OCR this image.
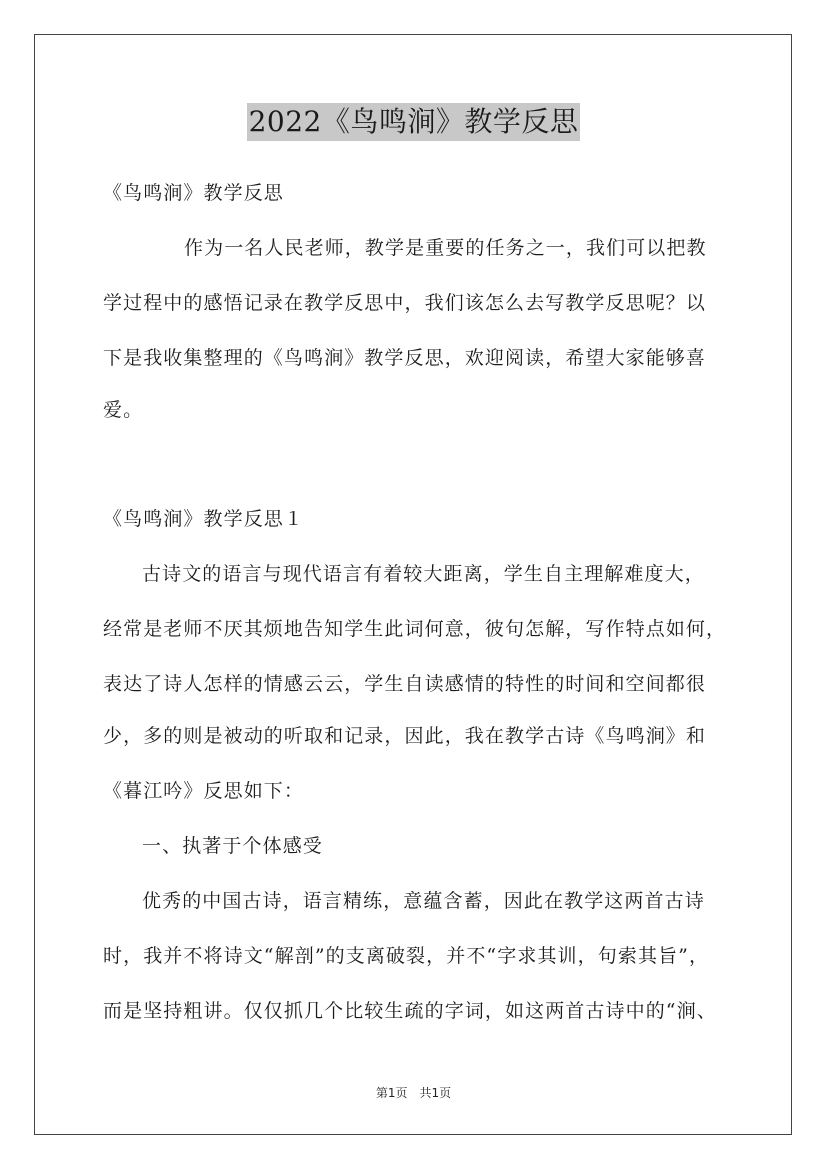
2022《鸟鸣涧》教学反思
《鸟鸣涧》教学反思
作为一名人民老师，教学是重要的任务之一，我们可以把教
学过程中的感悟记录在教学反思中，我们该怎么去写教学反思呢？以
下是我收集整理的《鸟鸣涧》教学反思，欢迎阅读，希望大家能够喜
爱。
《鸟鸣涧》教学反思１
古诗文的语言与现代语言有着较大距离，学生自主理解难度大，
经常是老师不厌其烦地告知学生此词何意，彼句怎解，写作特点如何，
表达了诗人怎样的情感云云，学生自读感情的特性的时间和空间都很
少，多的则是被动的听取和记录，因此，我在教学古诗《鸟鸣涧》和
《暮江吟》反思如下：
一、执著于个体感受
优秀的中国古诗，语言精练，意蕴含蓄，因此在教学这两首古诗
时，我并不将诗文“解剖”的支离破裂，并不“字求其训，句索其旨”，
而是坚持粗讲。仅仅抓几个比较生疏的字词，如这两首古诗中的“涧、
第1页　共1页
